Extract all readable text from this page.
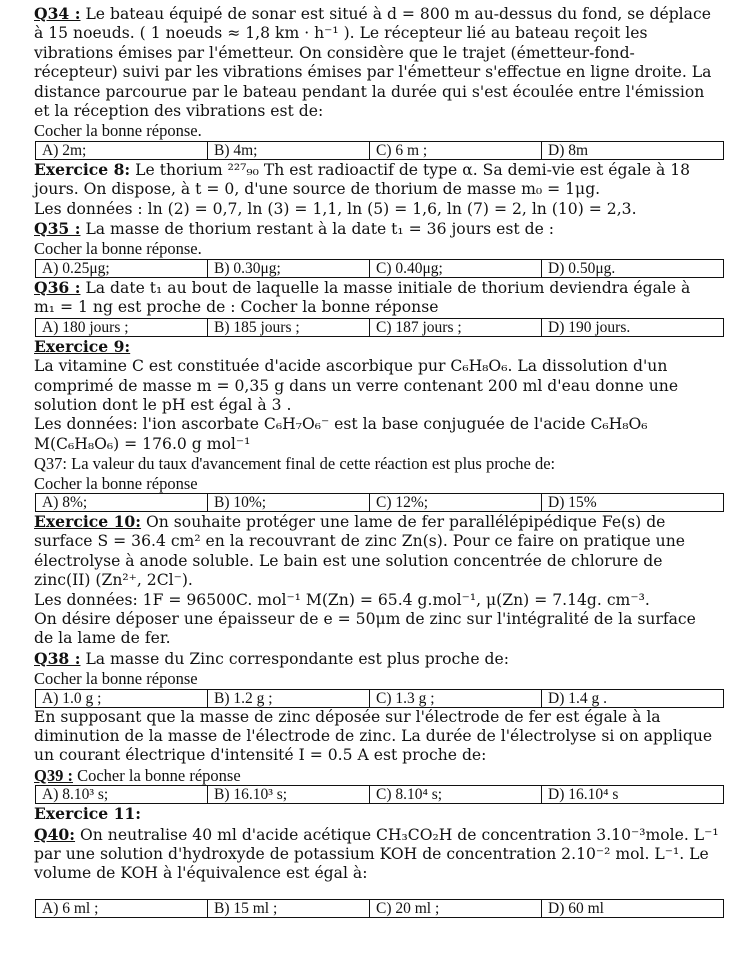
Q34 : Le bateau équipé de sonar est situé à d = 800 m au-dessus du fond, se déplace

à 15 noeuds. ( 1 noeuds ≈ 1,8 km · h⁻¹ ). Le récepteur lié au bateau reçoit les

vibrations émises par l'émetteur. On considère que le trajet (émetteur-fond-

récepteur) suivi par les vibrations émises par l'émetteur s'effectue en ligne droite. La

distance parcourue par le bateau pendant la durée qui s'est écoulée entre l'émission

et la réception des vibrations est de:

Cocher la bonne réponse.

A) 2m;	B) 4m;	C) 6 m ;	D) 8m

Exercice 8: Le thorium ²²⁷₉₀ Th est radioactif de type α. Sa demi-vie est égale à 18

jours. On dispose, à t = 0, d'une source de thorium de masse m₀ = 1μg.

Les données : ln (2) = 0,7, ln (3) = 1,1, ln (5) = 1,6, ln (7) = 2, ln (10) = 2,3.

Q35 : La masse de thorium restant à la date t₁ = 36 jours est de :

Cocher la bonne réponse.

A) 0.25μg;	B) 0.30μg;	C) 0.40μg;	D) 0.50μg.

Q36 : La date t₁ au bout de laquelle la masse initiale de thorium deviendra égale à

m₁ = 1 ng est proche de : Cocher la bonne réponse

A) 180 jours ;	B) 185 jours ;	C) 187 jours ;	D) 190 jours.

Exercice 9:

La vitamine C est constituée d'acide ascorbique pur C₆H₈O₆. La dissolution d'un

comprimé de masse m = 0,35 g dans un verre contenant 200 ml d'eau donne une

solution dont le pH est égal à 3 .

Les données: l'ion ascorbate C₆H₇O₆⁻ est la base conjuguée de l'acide C₆H₈O₆

M(C₆H₈O₆) = 176.0 g mol⁻¹

Q37: La valeur du taux d'avancement final de cette réaction est plus proche de:

Cocher la bonne réponse

A) 8%;	B) 10%;	C) 12%;	D) 15%

Exercice 10: On souhaite protéger une lame de fer parallélépipédique Fe(s) de

surface S = 36.4 cm² en la recouvrant de zinc Zn(s). Pour ce faire on pratique une

électrolyse à anode soluble. Le bain est une solution concentrée de chlorure de

zinc(II) (Zn²⁺, 2Cl⁻).

Les données: 1F = 96500C. mol⁻¹ M(Zn) = 65.4 g.mol⁻¹, μ(Zn) = 7.14g. cm⁻³.

On désire déposer une épaisseur de e = 50μm de zinc sur l'intégralité de la surface

de la lame de fer.

Q38 : La masse du Zinc correspondante est plus proche de:

Cocher la bonne réponse

A) 1.0 g ;	B) 1.2 g ;	C) 1.3 g ;	D) 1.4 g .

En supposant que la masse de zinc déposée sur l'électrode de fer est égale à la

diminution de la masse de l'électrode de zinc. La durée de l'électrolyse si on applique

un courant électrique d'intensité I = 0.5 A est proche de:

Q39 : Cocher la bonne réponse

A) 8.10³ s;	B) 16.10³ s;	C) 8.10⁴ s;	D) 16.10⁴ s

Exercice 11:

Q40: On neutralise 40 ml d'acide acétique CH₃CO₂H de concentration 3.10⁻³mole. L⁻¹

par une solution d'hydroxyde de potassium KOH de concentration 2.10⁻² mol. L⁻¹. Le

volume de KOH à l'équivalence est égal à:

A) 6 ml ;	B) 15 ml ;	C) 20 ml ;	D) 60 ml
